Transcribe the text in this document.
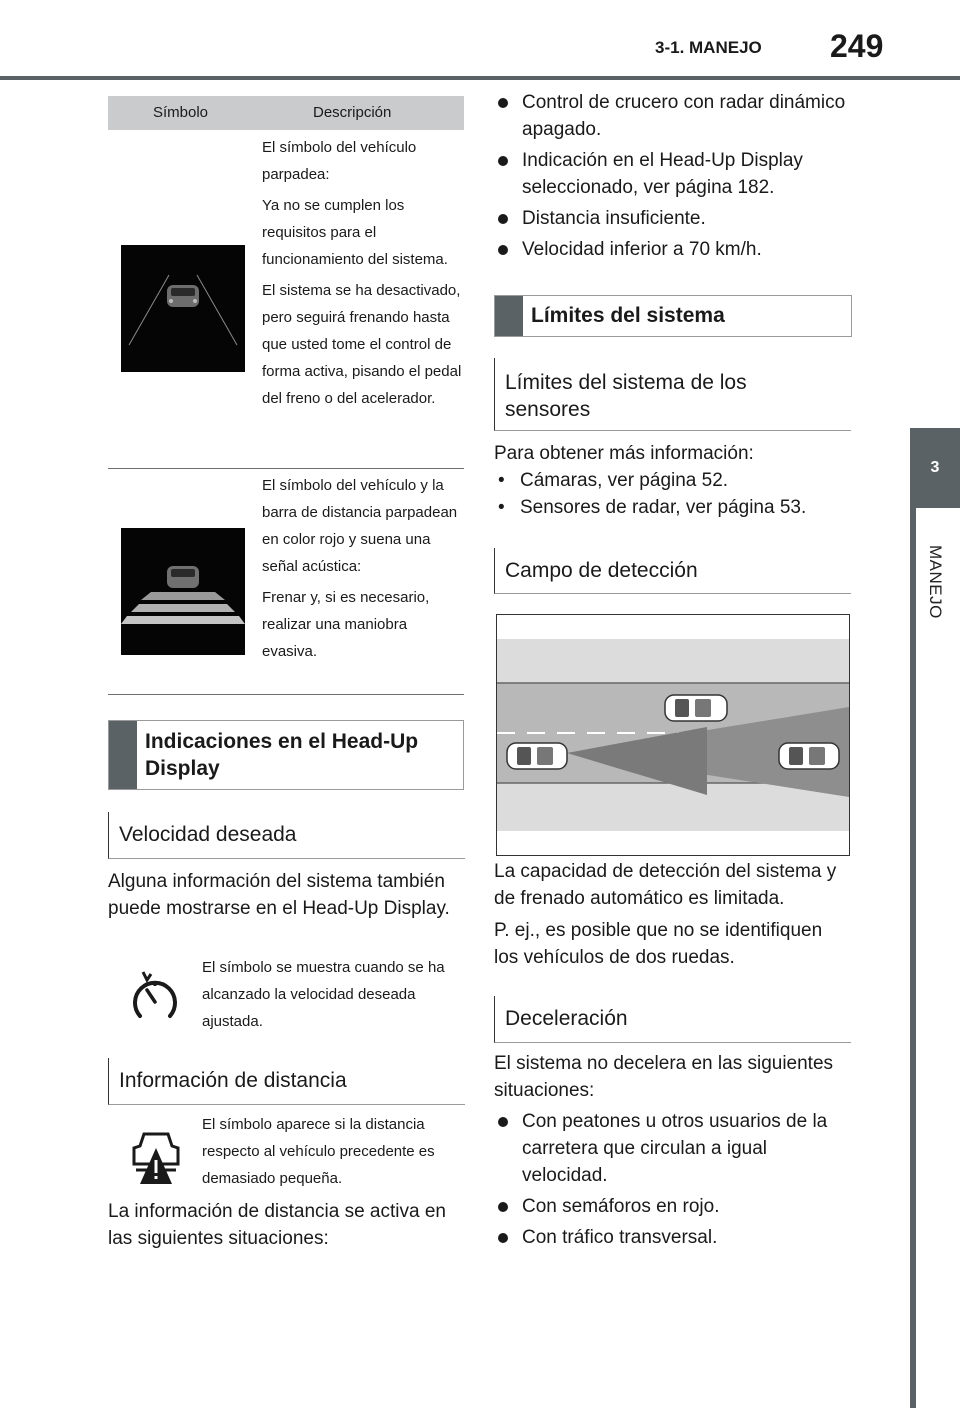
3-1. MANEJO 249
3
MANEJO
Símbolo	Descripción

El símbolo del vehículo parpadea:

Ya no se cumplen los requisitos para el funcionamiento del sistema.

El sistema se ha desactivado, pero seguirá frenando hasta que usted tome el control de forma activa, pisando el pedal del freno o del acelerador.

El símbolo del vehículo y la barra de distancia parpadean en color rojo y suena una señal acústica:

Frenar y, si es necesario, realizar una maniobra evasiva.

Indicaciones en el Head-Up Display
Velocidad deseada
Alguna información del sistema también puede mostrarse en el Head-Up Display.
El símbolo se muestra cuando se ha alcanzado la velocidad deseada ajustada.
Información de distancia
El símbolo aparece si la distancia respecto al vehículo precedente es demasiado pequeña.
La información de distancia se activa en las siguientes situaciones:
Control de crucero con radar dinámico apagado.
Indicación en el Head-Up Display seleccionado, ver página 182.
Distancia insuficiente.
Velocidad inferior a 70 km/h.
Límites del sistema
Límites del sistema de los sensores
Para obtener más información:
• Cámaras, ver página 52.
• Sensores de radar, ver página 53.
Campo de detección
La capacidad de detección del sistema y de frenado automático es limitada.
P. ej., es posible que no se identifiquen los vehículos de dos ruedas.
Deceleración
El sistema no decelera en las siguientes situaciones:
Con peatones u otros usuarios de la carretera que circulan a igual velocidad.
Con semáforos en rojo.
Con tráfico transversal.
